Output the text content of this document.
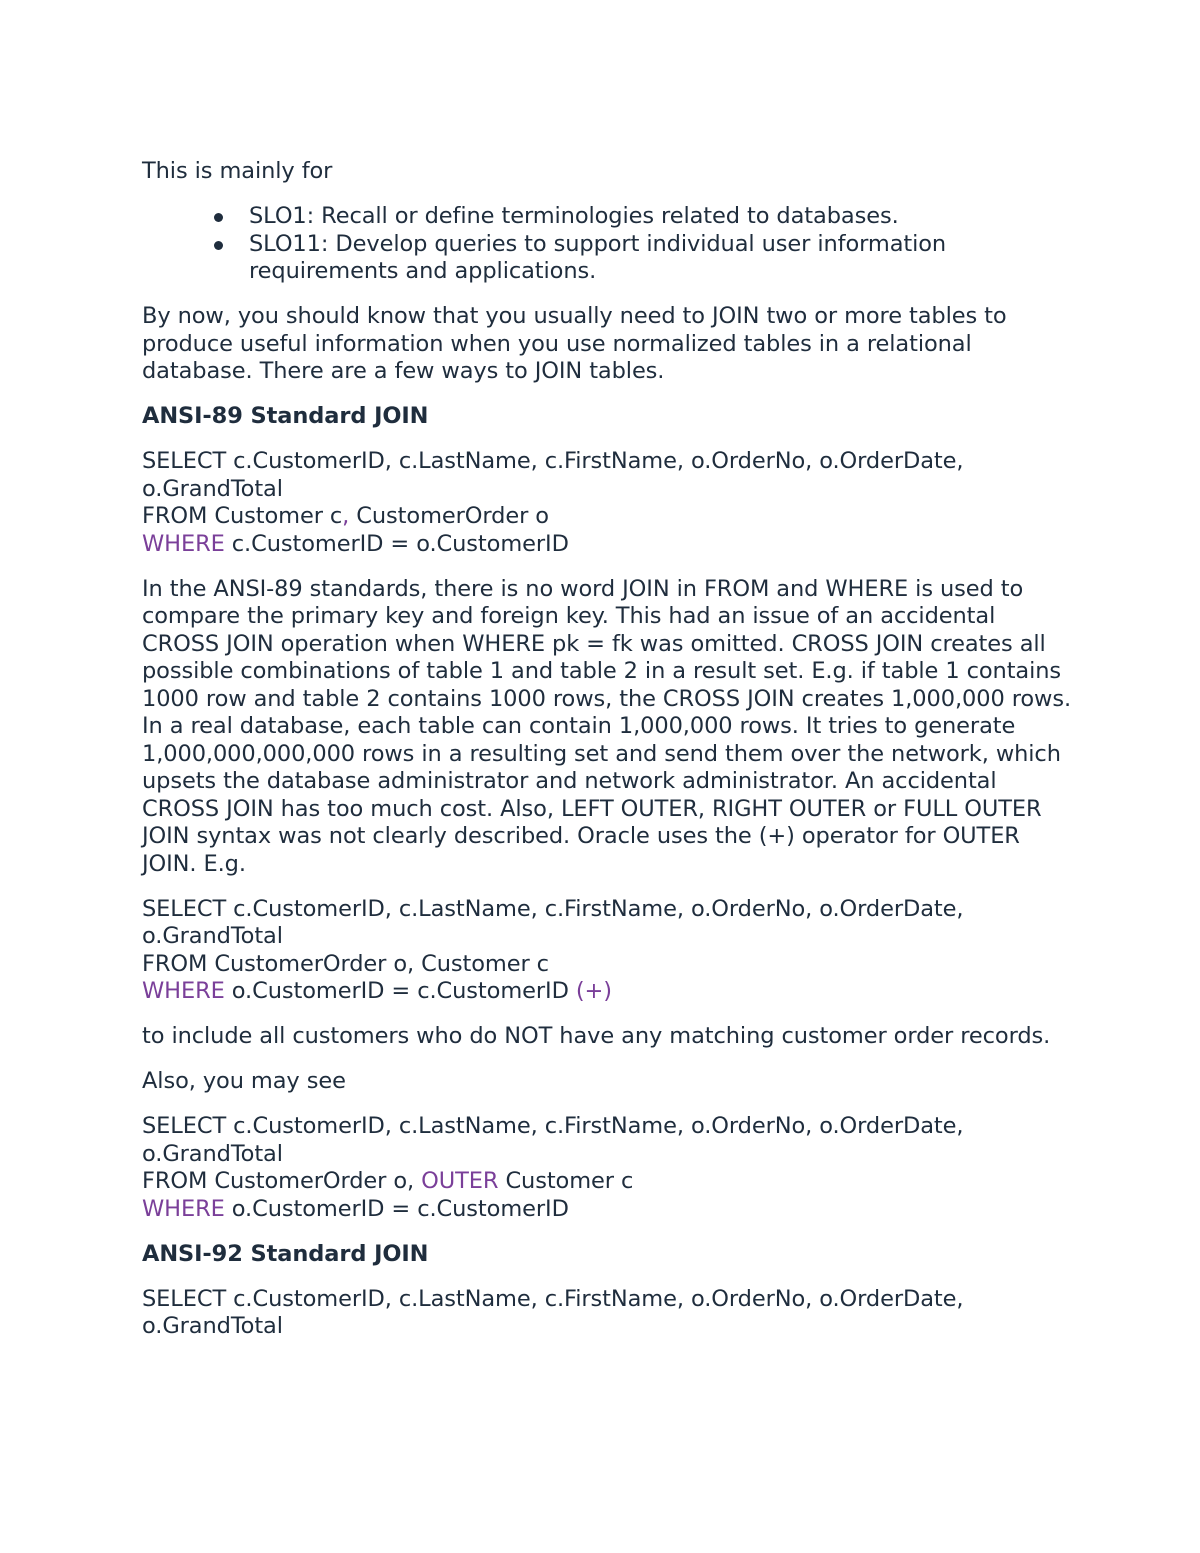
This is mainly for

SLO1: Recall or define terminologies related to databases.
SLO11: Develop queries to support individual user information requirements and applications.

By now, you should know that you usually need to JOIN two or more tables to produce useful information when you use normalized tables in a relational database. There are a few ways to JOIN tables.

ANSI-89 Standard JOIN

SELECT c.CustomerID, c.LastName, c.FirstName, o.OrderNo, o.OrderDate, o.GrandTotal
FROM Customer c, CustomerOrder o
WHERE c.CustomerID = o.CustomerID

In the ANSI-89 standards, there is no word JOIN in FROM and WHERE is used to compare the primary key and foreign key. This had an issue of an accidental CROSS JOIN operation when WHERE pk = fk was omitted. CROSS JOIN creates all possible combinations of table 1 and table 2 in a result set. E.g. if table 1 contains 1000 row and table 2 contains 1000 rows, the CROSS JOIN creates 1,000,000 rows. In a real database, each table can contain 1,000,000 rows. It tries to generate 1,000,000,000,000 rows in a resulting set and send them over the network, which upsets the database administrator and network administrator. An accidental CROSS JOIN has too much cost. Also, LEFT OUTER, RIGHT OUTER or FULL OUTER JOIN syntax was not clearly described. Oracle uses the (+) operator for OUTER JOIN. E.g.

SELECT c.CustomerID, c.LastName, c.FirstName, o.OrderNo, o.OrderDate, o.GrandTotal
FROM CustomerOrder o, Customer c
WHERE o.CustomerID = c.CustomerID (+)

to include all customers who do NOT have any matching customer order records.

Also, you may see

SELECT c.CustomerID, c.LastName, c.FirstName, o.OrderNo, o.OrderDate, o.GrandTotal
FROM CustomerOrder o, OUTER Customer c
WHERE o.CustomerID = c.CustomerID

ANSI-92 Standard JOIN

SELECT c.CustomerID, c.LastName, c.FirstName, o.OrderNo, o.OrderDate, o.GrandTotal
